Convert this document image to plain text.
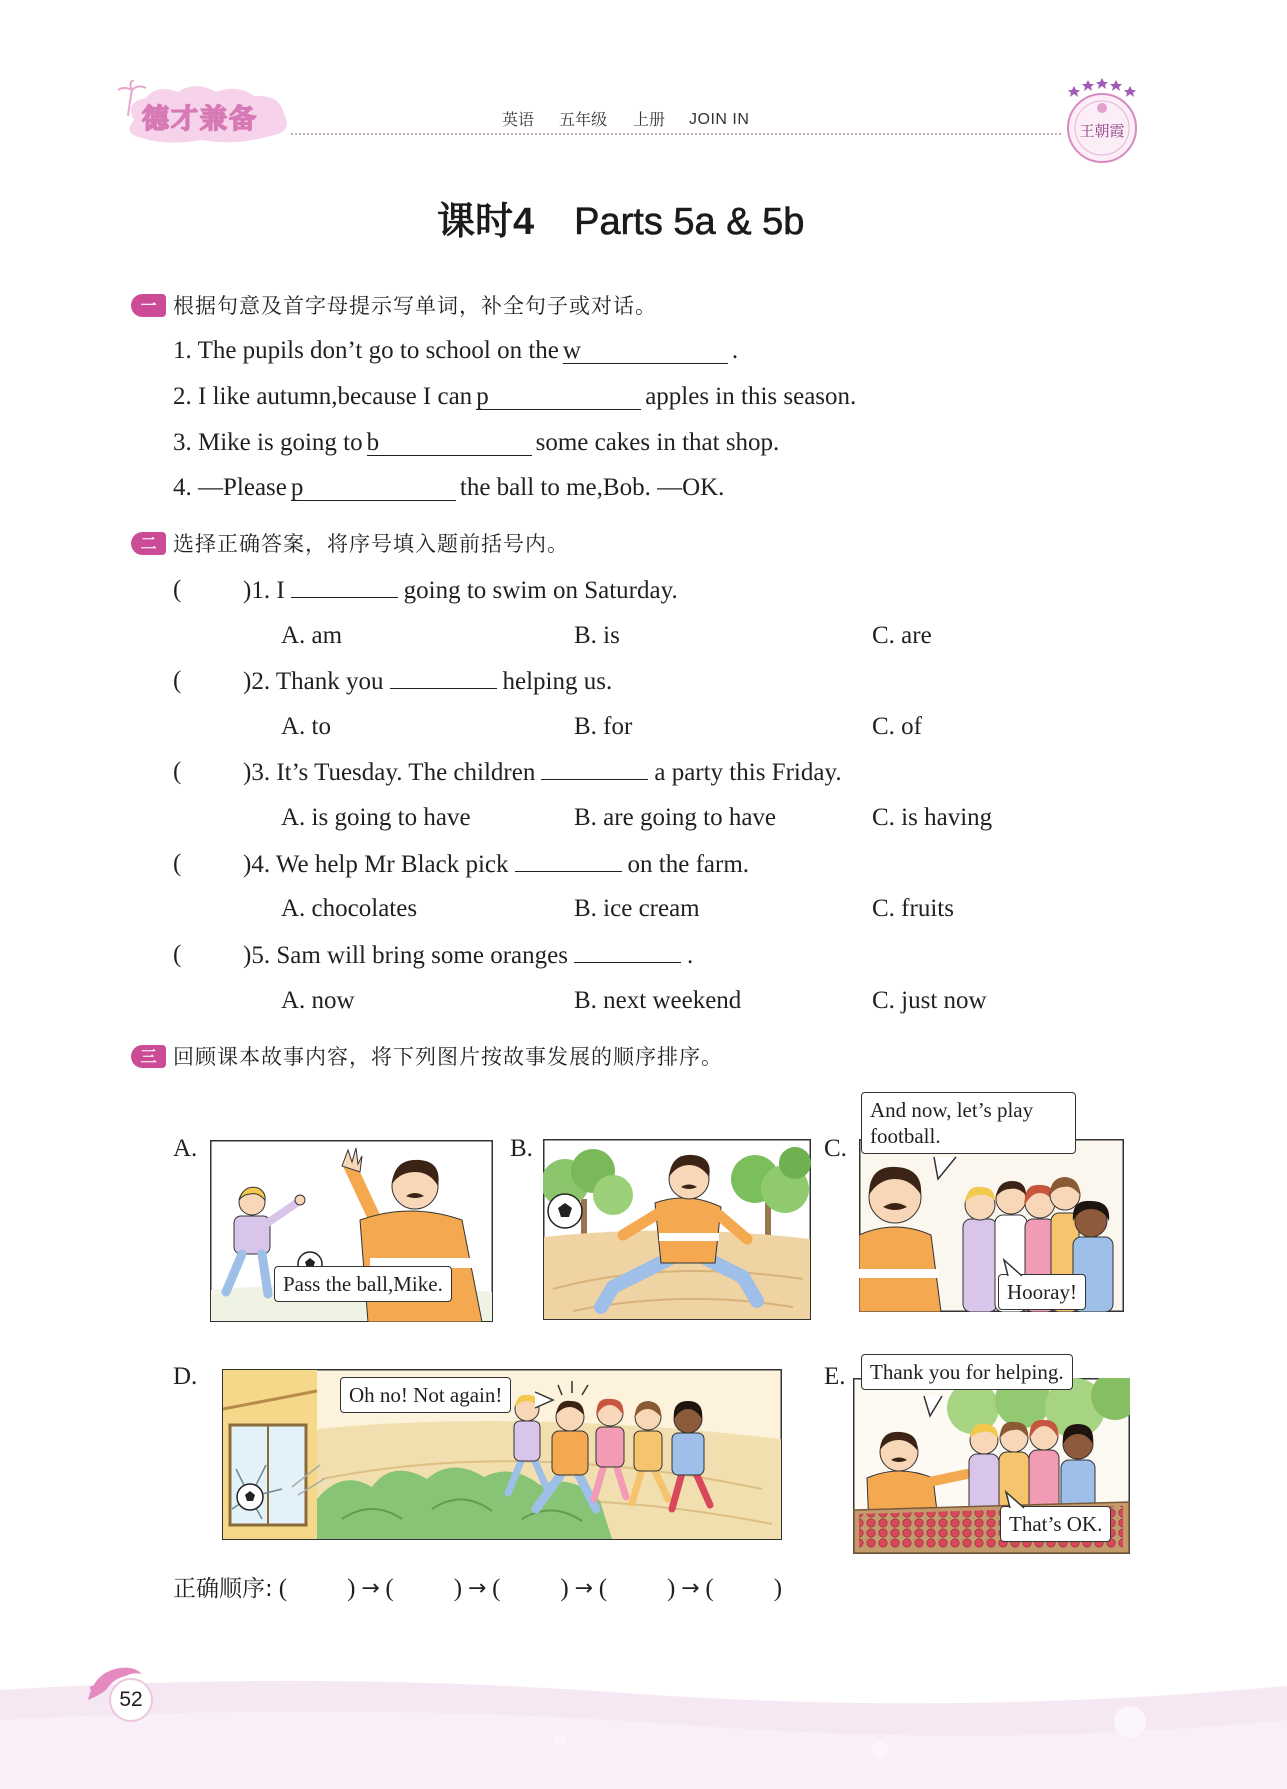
德才兼备	英语 五年级 上册 JOIN IN
王朝霞
课时4 Parts 5a & 5b
一 根据句意及首字母提示写单词，补全句子或对话。
1. The pupils don’t go to school on the w	.
2. I like autumn,because I can p	apples in this season.
3. Mike is going to b	some cakes in that shop.
4. —Please p	the ball to me,Bob. —OK.
二 选择正确答案，将序号填入题前括号内。
( )1. I	going to swim on Saturday.
A. am	B. is	C. are
( )2. Thank you	helping us.
A. to	B. for	C. of
( )3. It’s Tuesday. The children	a party this Friday.
A. is going to have	B. are going to have	C. is having
( )4. We help Mr Black pick	on the farm.
A. chocolates	B. ice cream	C. fruits
( )5. Sam will bring some oranges	.
A. now	B. next weekend	C. just now
三 回顾课本故事内容，将下列图片按故事发展的顺序排序。
A.
Pass the ball,Mike.
B.	C.
And now, let’s play football.
Hooray!
D.
Oh no! Not again!
E.	Thank you for helping.
That’s OK.
正确顺序: ( ) → ( ) → ( ) → ( ) → ( )
52
